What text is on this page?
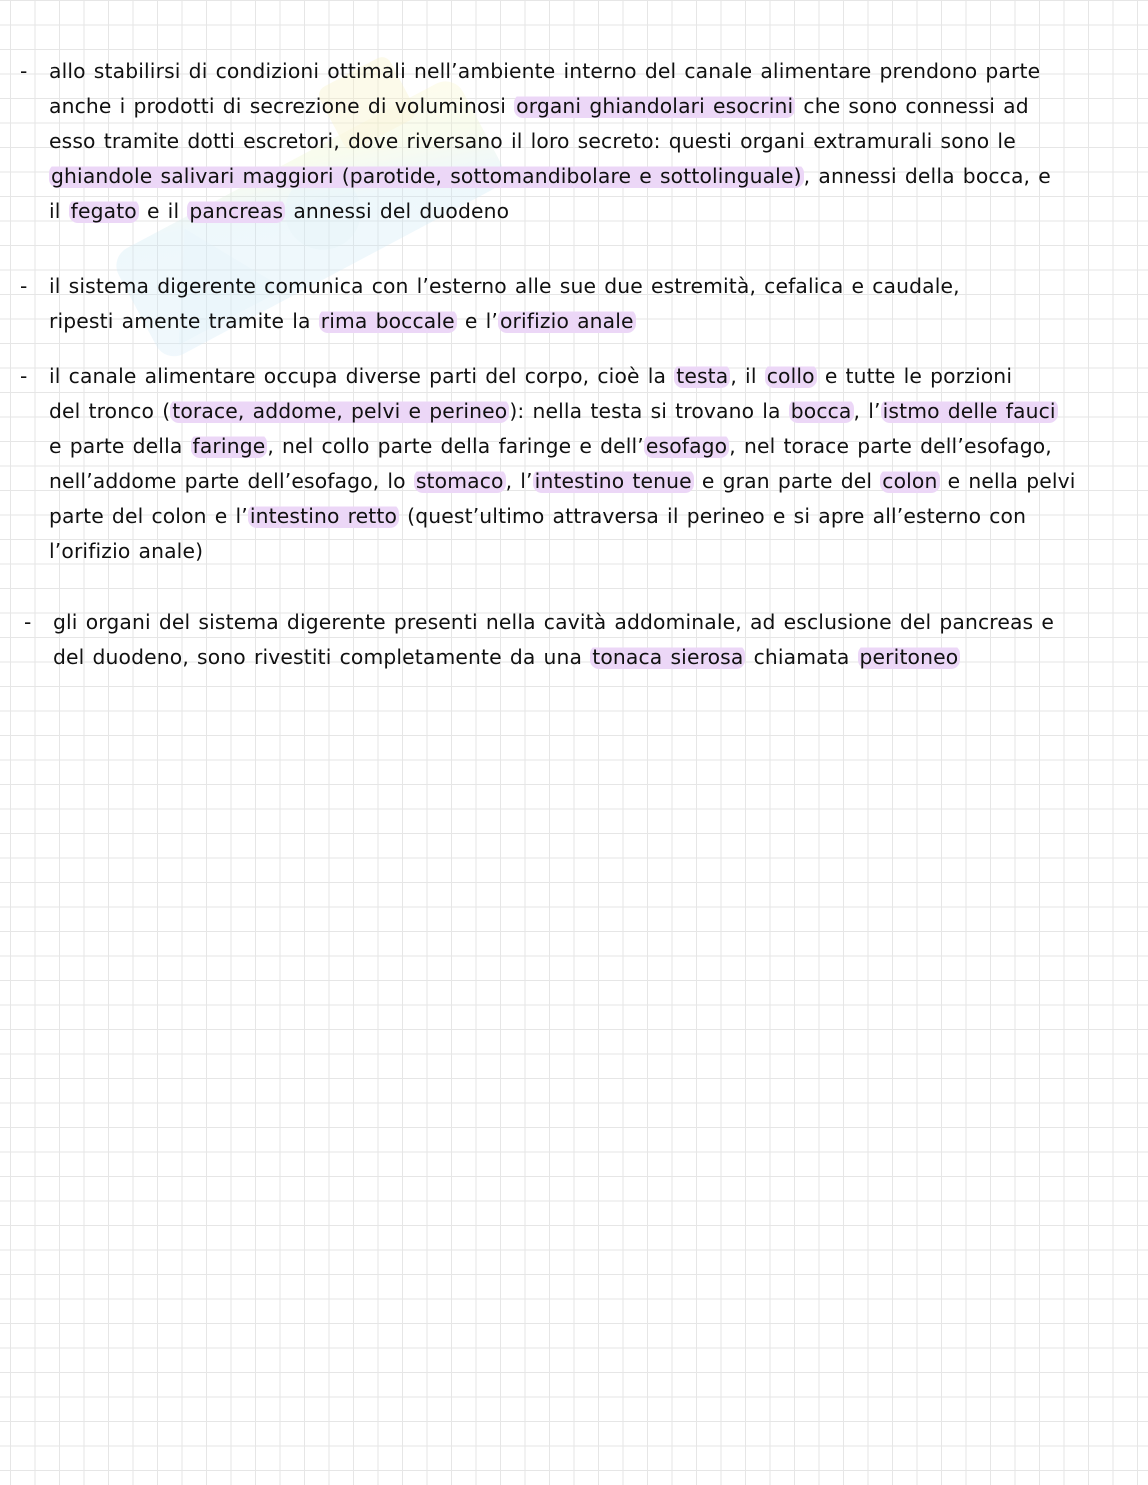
-	allo stabilirsi di condizioni ottimali nell’ambiente interno del canale alimentare prendono parte
anche i prodotti di secrezione di voluminosi organi ghiandolari esocrini che sono connessi ad
esso tramite dotti escretori, dove riversano il loro secreto: questi organi extramurali sono le
ghiandole salivari maggiori (parotide, sottomandibolare e sottolinguale), annessi della bocca, e
il fegato e il pancreas annessi del duodeno
-	il sistema digerente comunica con l’esterno alle sue due estremità, cefalica e caudale,
ripesti amente tramite la rima boccale e l’orifizio anale
-	il canale alimentare occupa diverse parti del corpo, cioè la testa, il collo e tutte le porzioni
del tronco (torace, addome, pelvi e perineo): nella testa si trovano la bocca, l’istmo delle fauci
e parte della faringe, nel collo parte della faringe e dell’esofago, nel torace parte dell’esofago,
nell’addome parte dell’esofago, lo stomaco, l’intestino tenue e gran parte del colon e nella pelvi
parte del colon e l’intestino retto (quest’ultimo attraversa il perineo e si apre all’esterno con
l’orifizio anale)
-	gli organi del sistema digerente presenti nella cavità addominale, ad esclusione del pancreas e
del duodeno, sono rivestiti completamente da una tonaca sierosa chiamata peritoneo
